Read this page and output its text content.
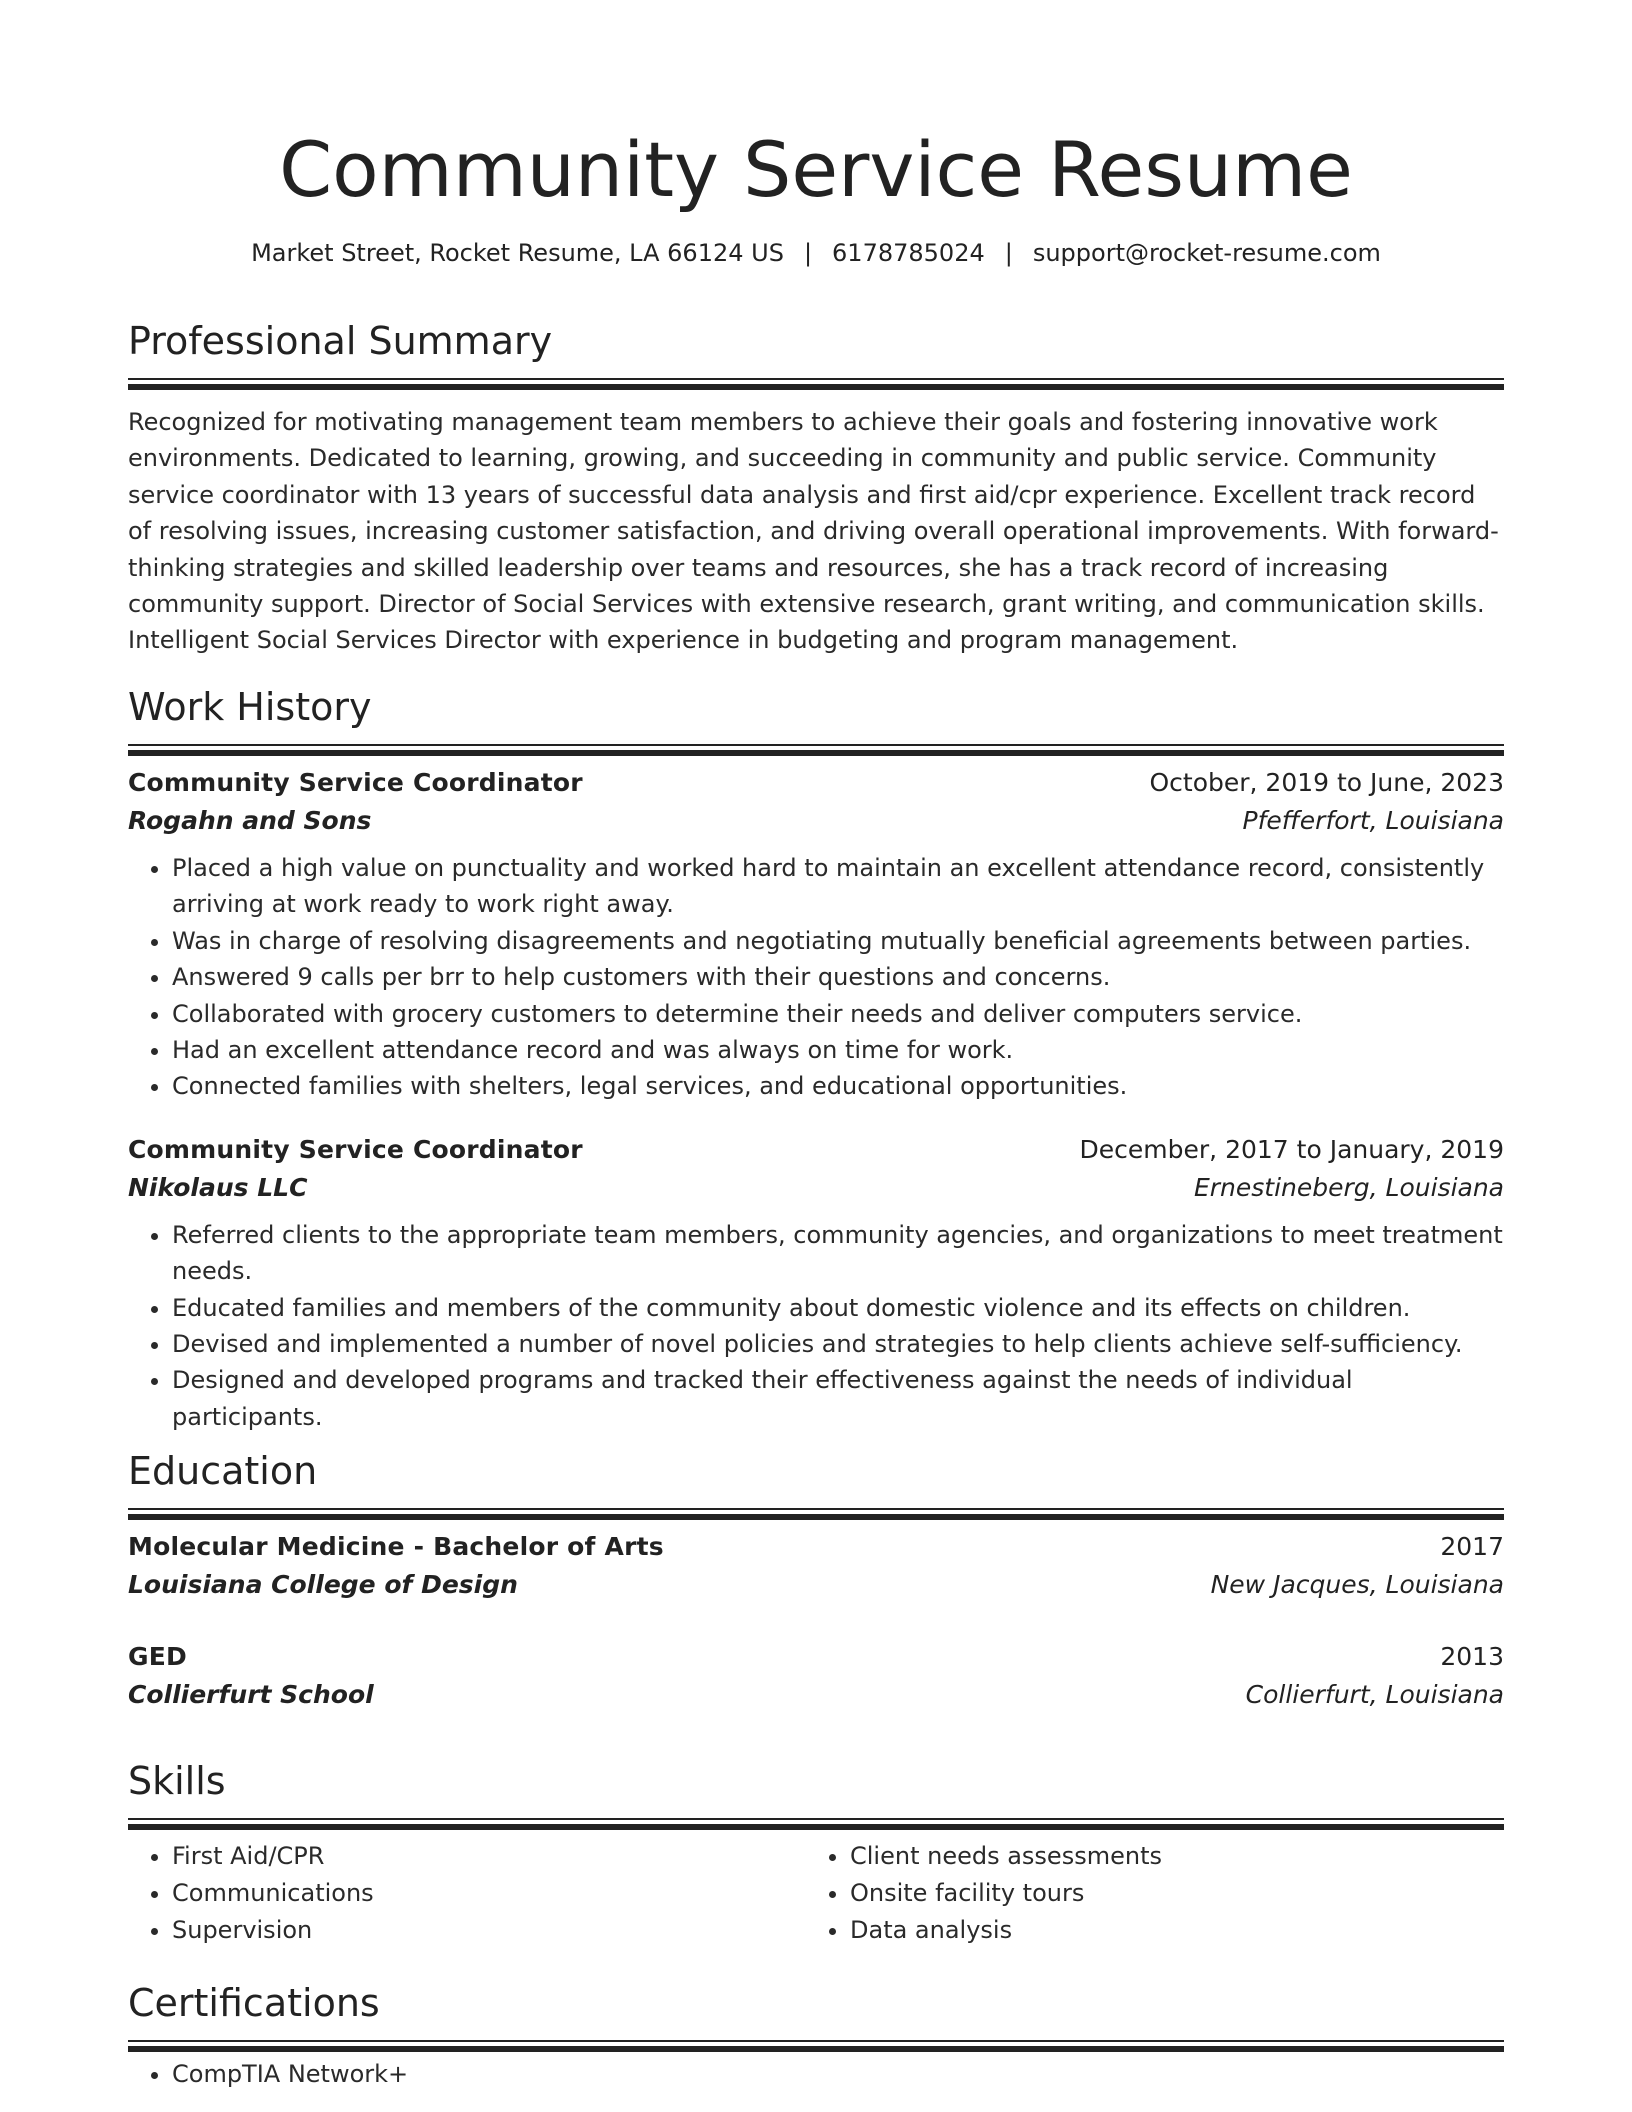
Community Service Resume
Market Street, Rocket Resume, LA 66124 US | 6178785024 | support@rocket-resume.com
Professional Summary
Recognized for motivating management team members to achieve their goals and fostering innovative work environments. Dedicated to learning, growing, and succeeding in community and public service. Community service coordinator with 13 years of successful data analysis and first aid/cpr experience. Excellent track record of resolving issues, increasing customer satisfaction, and driving overall operational improvements. With forward-thinking strategies and skilled leadership over teams and resources, she has a track record of increasing community support. Director of Social Services with extensive research, grant writing, and communication skills. Intelligent Social Services Director with experience in budgeting and program management.
Work History
Community Service Coordinator	October, 2019 to June, 2023
Rogahn and Sons	Pfefferfort, Louisiana
• Placed a high value on punctuality and worked hard to maintain an excellent attendance record, consistently arriving at work ready to work right away.
• Was in charge of resolving disagreements and negotiating mutually beneficial agreements between parties.
• Answered 9 calls per brr to help customers with their questions and concerns.
• Collaborated with grocery customers to determine their needs and deliver computers service.
• Had an excellent attendance record and was always on time for work.
• Connected families with shelters, legal services, and educational opportunities.
Community Service Coordinator	December, 2017 to January, 2019
Nikolaus LLC	Ernestineberg, Louisiana
• Referred clients to the appropriate team members, community agencies, and organizations to meet treatment needs.
• Educated families and members of the community about domestic violence and its effects on children.
• Devised and implemented a number of novel policies and strategies to help clients achieve self-sufficiency.
• Designed and developed programs and tracked their effectiveness against the needs of individual participants.
Education
Molecular Medicine - Bachelor of Arts	2017
Louisiana College of Design	New Jacques, Louisiana
GED	2013
Collierfurt School	Collierfurt, Louisiana
Skills
• First Aid/CPR
• Communications
• Supervision
• Client needs assessments
• Onsite facility tours
• Data analysis
Certifications
• CompTIA Network+
